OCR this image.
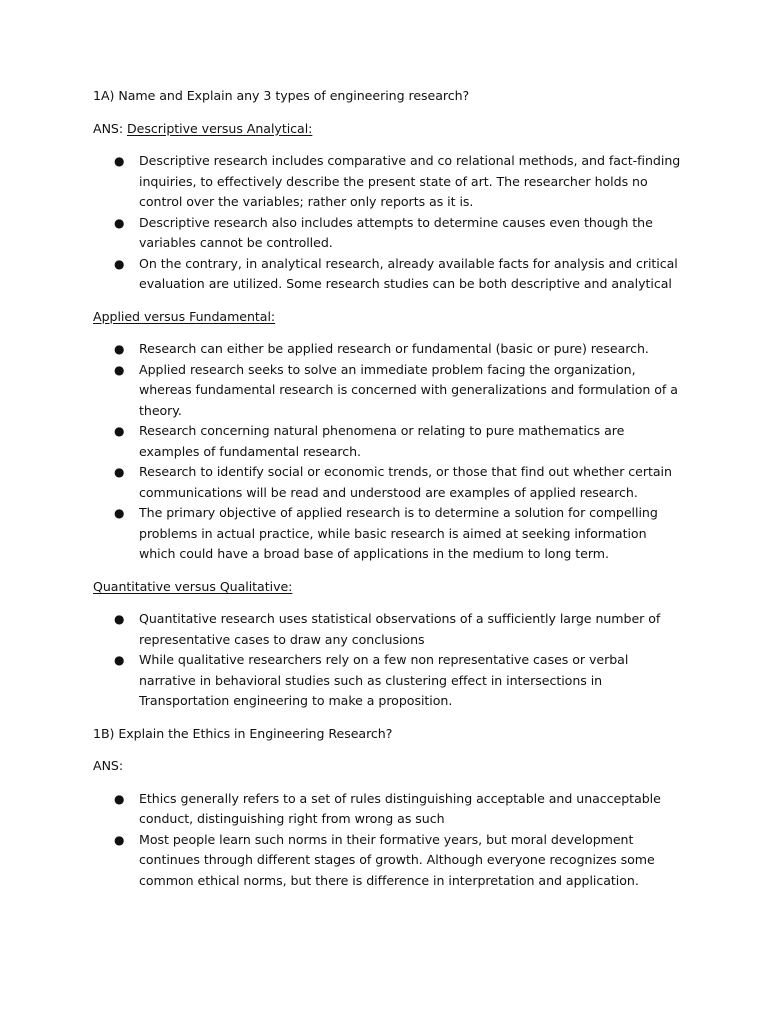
1A) Name and Explain any 3 types of engineering research?

ANS: Descriptive versus Analytical:

● Descriptive research includes comparative and co relational methods, and fact-finding inquiries, to effectively describe the present state of art. The researcher holds no control over the variables; rather only reports as it is.
● Descriptive research also includes attempts to determine causes even though the variables cannot be controlled.
● On the contrary, in analytical research, already available facts for analysis and critical evaluation are utilized. Some research studies can be both descriptive and analytical

Applied versus Fundamental:

● Research can either be applied research or fundamental (basic or pure) research.
● Applied research seeks to solve an immediate problem facing the organization, whereas fundamental research is concerned with generalizations and formulation of a theory.
● Research concerning natural phenomena or relating to pure mathematics are examples of fundamental research.
● Research to identify social or economic trends, or those that find out whether certain communications will be read and understood are examples of applied research.
● The primary objective of applied research is to determine a solution for compelling problems in actual practice, while basic research is aimed at seeking information which could have a broad base of applications in the medium to long term.

Quantitative versus Qualitative:

● Quantitative research uses statistical observations of a sufficiently large number of representative cases to draw any conclusions
● While qualitative researchers rely on a few non representative cases or verbal narrative in behavioral studies such as clustering effect in intersections in Transportation engineering to make a proposition.

1B) Explain the Ethics in Engineering Research?

ANS:

● Ethics generally refers to a set of rules distinguishing acceptable and unacceptable conduct, distinguishing right from wrong as such
● Most people learn such norms in their formative years, but moral development continues through different stages of growth. Although everyone recognizes some common ethical norms, but there is difference in interpretation and application.
